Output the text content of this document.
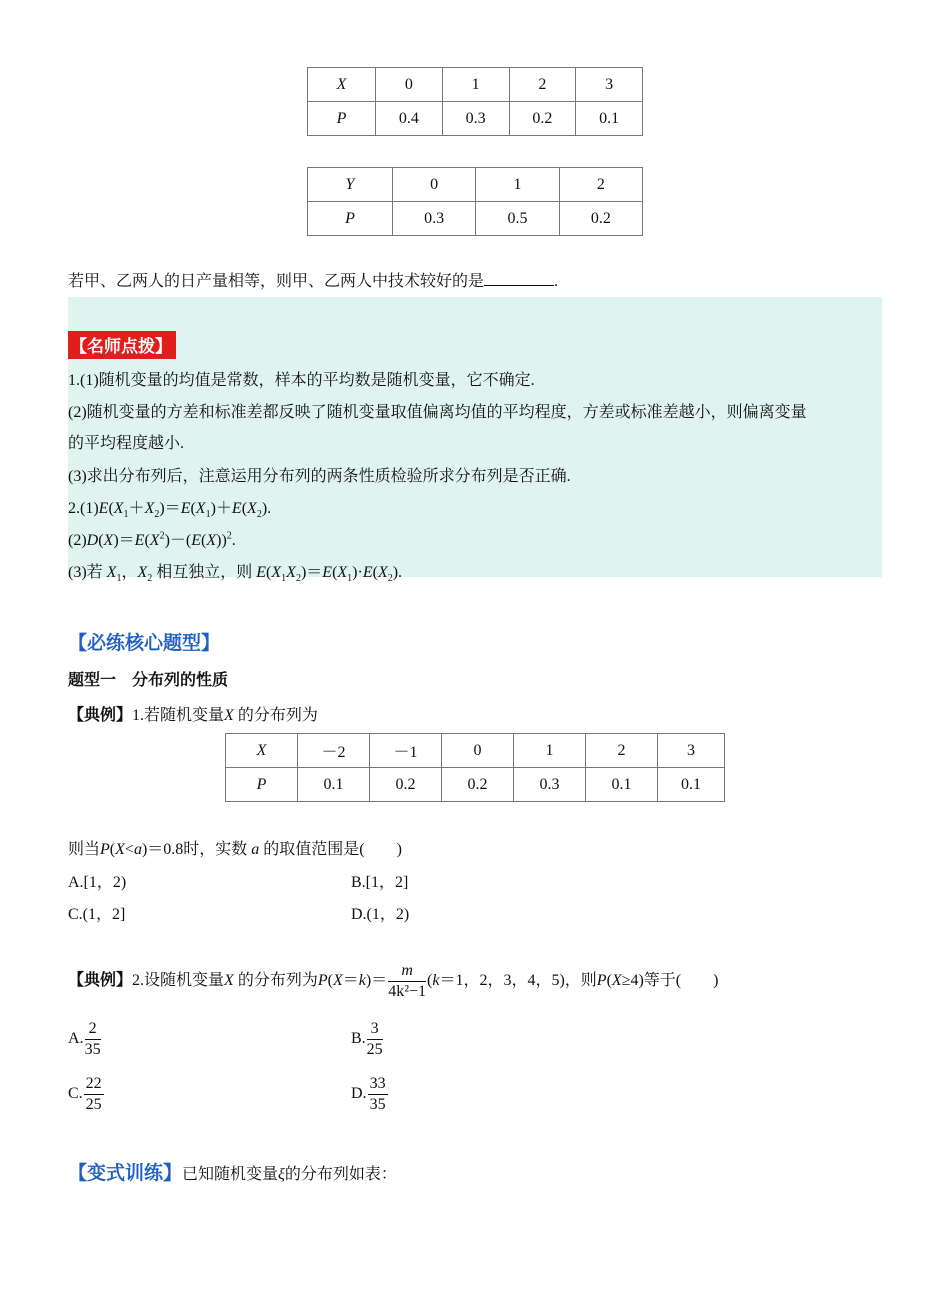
X	0	1	2	3
P	0.4	0.3	0.2	0.1
Y	0	1	2
P	0.3	0.5	0.2
若甲、乙两人的日产量相等，则甲、乙两人中技术较好的是	.
【名师点拨】
1.(1)随机变量的均值是常数，样本的平均数是随机变量，它不确定.
(2)随机变量的方差和标准差都反映了随机变量取值偏离均值的平均程度，方差或标准差越小，则偏离变量
的平均程度越小.
(3)求出分布列后，注意运用分布列的两条性质检验所求分布列是否正确.
$2.(1)E(X_1+X_2)=E(X_1)+E(X_2)$.
$(2)D(X)=E(X^2)-(E(X))^2$.
(3)若 $X_1$，$X_2$ 相互独立，则 $E(X_1X_2)=E(X_1)\cdot E(X_2)$.
【必练核心题型】
题型一　分布列的性质
【典例】1.若随机变量X 的分布列为
X	－2	－1	0	1	2	3
P	0.1	0.2	0.2	0.3	0.1	0.1
则当P(X<a)＝0.8时，实数 a 的取值范围是(　　)
A.[1，2)	B.[1，2]
C.(1，2]	D.(1，2)
【典例】2.设随机变量X 的分布列为$P(X=k)= \frac{m}{\text{4k²−1}} (k=1$，2，3，4，5)，则P(X≥4)等于(　　)
A. $\frac{2}{35}$	B. $\frac{3}{25}$
C. $\frac{22}{25}$	D. $\frac{33}{35}$
【变式训练】已知随机变量ξ的分布列如表：
